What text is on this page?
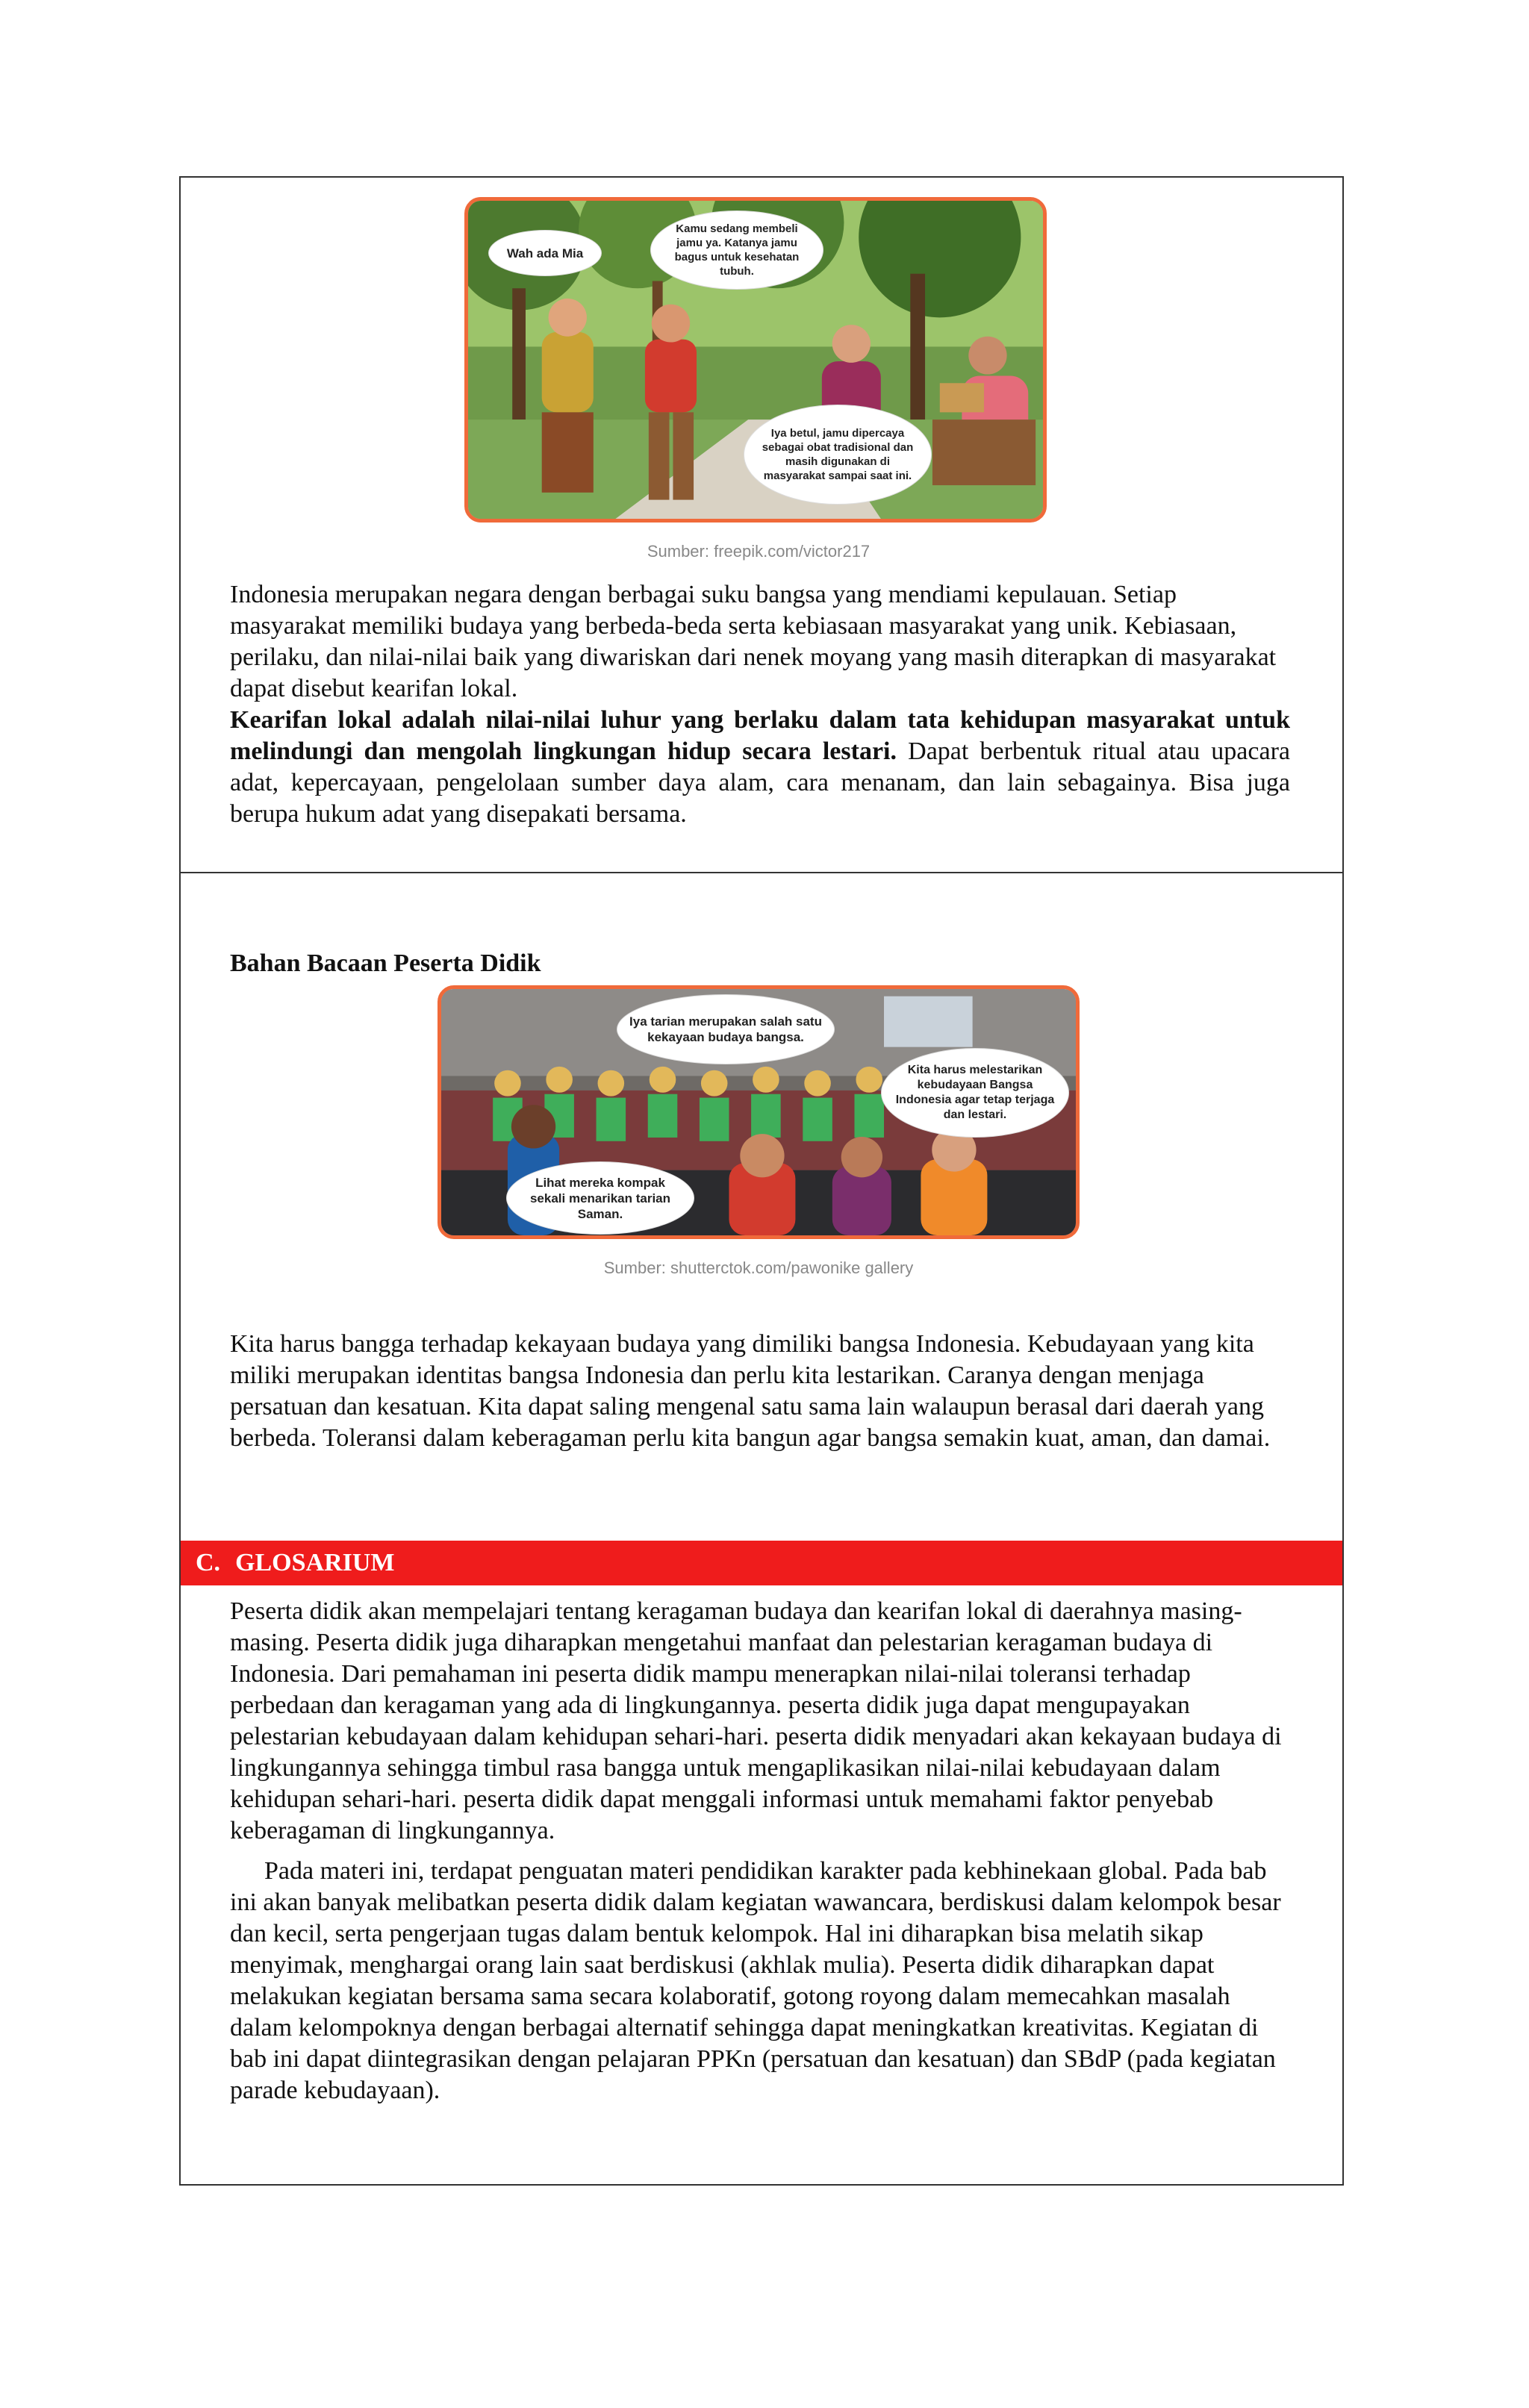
Wah ada Mia
Kamu sedang membeli jamu ya. Katanya jamu bagus untuk kesehatan tubuh.
Iya betul, jamu dipercaya sebagai obat tradisional dan masih digunakan di masyarakat sampai saat ini.
Sumber: freepik.com/victor217

Indonesia merupakan negara dengan berbagai suku bangsa yang mendiami kepulauan. Setiap masyarakat memiliki budaya yang berbeda-beda serta kebiasaan masyarakat yang unik. Kebiasaan, perilaku, dan nilai-nilai baik yang diwariskan dari nenek moyang yang masih diterapkan di masyarakat dapat disebut kearifan lokal.

Kearifan lokal adalah nilai-nilai luhur yang berlaku dalam tata kehidupan masyarakat untuk melindungi dan mengolah lingkungan hidup secara lestari. Dapat berbentuk ritual atau upacara adat, kepercayaan, pengelolaan sumber daya alam, cara menanam, dan lain sebagainya. Bisa juga berupa hukum adat yang disepakati bersama.

Bahan Bacaan Peserta Didik
Iya tarian merupakan salah satu kekayaan budaya bangsa.
Kita harus melestarikan kebudayaan Bangsa Indonesia agar tetap terjaga dan lestari.
Lihat mereka kompak sekali menarikan tarian Saman.
Sumber: shutterctok.com/pawonike gallery

Kita harus bangga terhadap kekayaan budaya yang dimiliki bangsa Indonesia. Kebudayaan yang kita miliki merupakan identitas bangsa Indonesia dan perlu kita lestarikan. Caranya dengan menjaga persatuan dan kesatuan. Kita dapat saling mengenal satu sama lain walaupun berasal dari daerah yang berbeda. Toleransi dalam keberagaman perlu kita bangun agar bangsa semakin kuat, aman, dan damai.

C. GLOSARIUM

Peserta didik akan mempelajari tentang keragaman budaya dan kearifan lokal di daerahnya masing-masing. Peserta didik juga diharapkan mengetahui manfaat dan pelestarian keragaman budaya di Indonesia. Dari pemahaman ini peserta didik mampu menerapkan nilai-nilai toleransi terhadap perbedaan dan keragaman yang ada di lingkungannya. peserta didik juga dapat mengupayakan pelestarian kebudayaan dalam kehidupan sehari-hari. peserta didik menyadari akan kekayaan budaya di lingkungannya sehingga timbul rasa bangga untuk mengaplikasikan nilai-nilai kebudayaan dalam kehidupan sehari-hari. peserta didik dapat menggali informasi untuk memahami faktor penyebab keberagaman di lingkungannya.

Pada materi ini, terdapat penguatan materi pendidikan karakter pada kebhinekaan global. Pada bab ini akan banyak melibatkan peserta didik dalam kegiatan wawancara, berdiskusi dalam kelompok besar dan kecil, serta pengerjaan tugas dalam bentuk kelompok. Hal ini diharapkan bisa melatih sikap menyimak, menghargai orang lain saat berdiskusi (akhlak mulia). Peserta didik diharapkan dapat melakukan kegiatan bersama sama secara kolaboratif, gotong royong dalam memecahkan masalah dalam kelompoknya dengan berbagai alternatif sehingga dapat meningkatkan kreativitas. Kegiatan di bab ini dapat diintegrasikan dengan pelajaran PPKn (persatuan dan kesatuan) dan SBdP (pada kegiatan parade kebudayaan).
